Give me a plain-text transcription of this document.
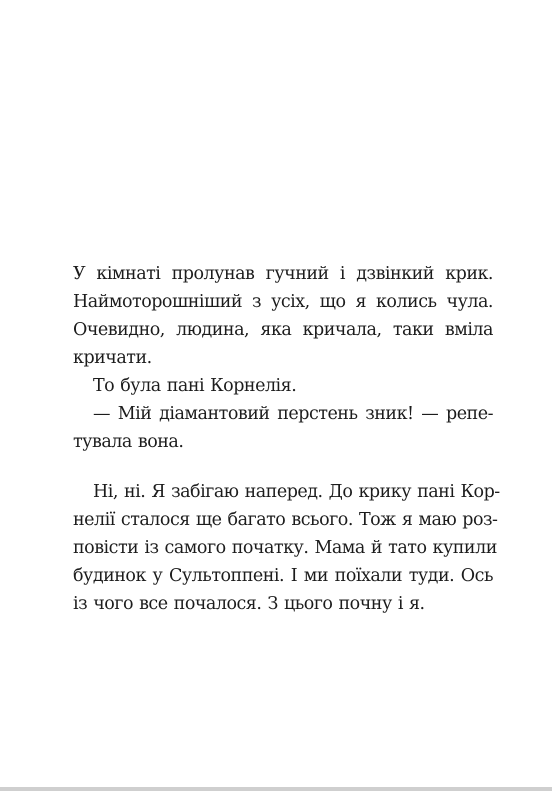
У кімнаті пролунав гучний і дзвінкий крик.
Наймоторошніший з усіх, що я колись чула.
Очевидно, людина, яка кричала, таки вміла
кричати.
То була пані Корнелія.
— Мій діамантовий перстень зник! — репе-
тувала вона.
Ні, ні. Я забігаю наперед. До крику пані Кор-
нелії сталося ще багато всього. Тож я маю роз-
повісти із самого початку. Мама й тато купили
будинок у Сультоппені. І ми поїхали туди. Ось
із чого все почалося. З цього почну і я.
